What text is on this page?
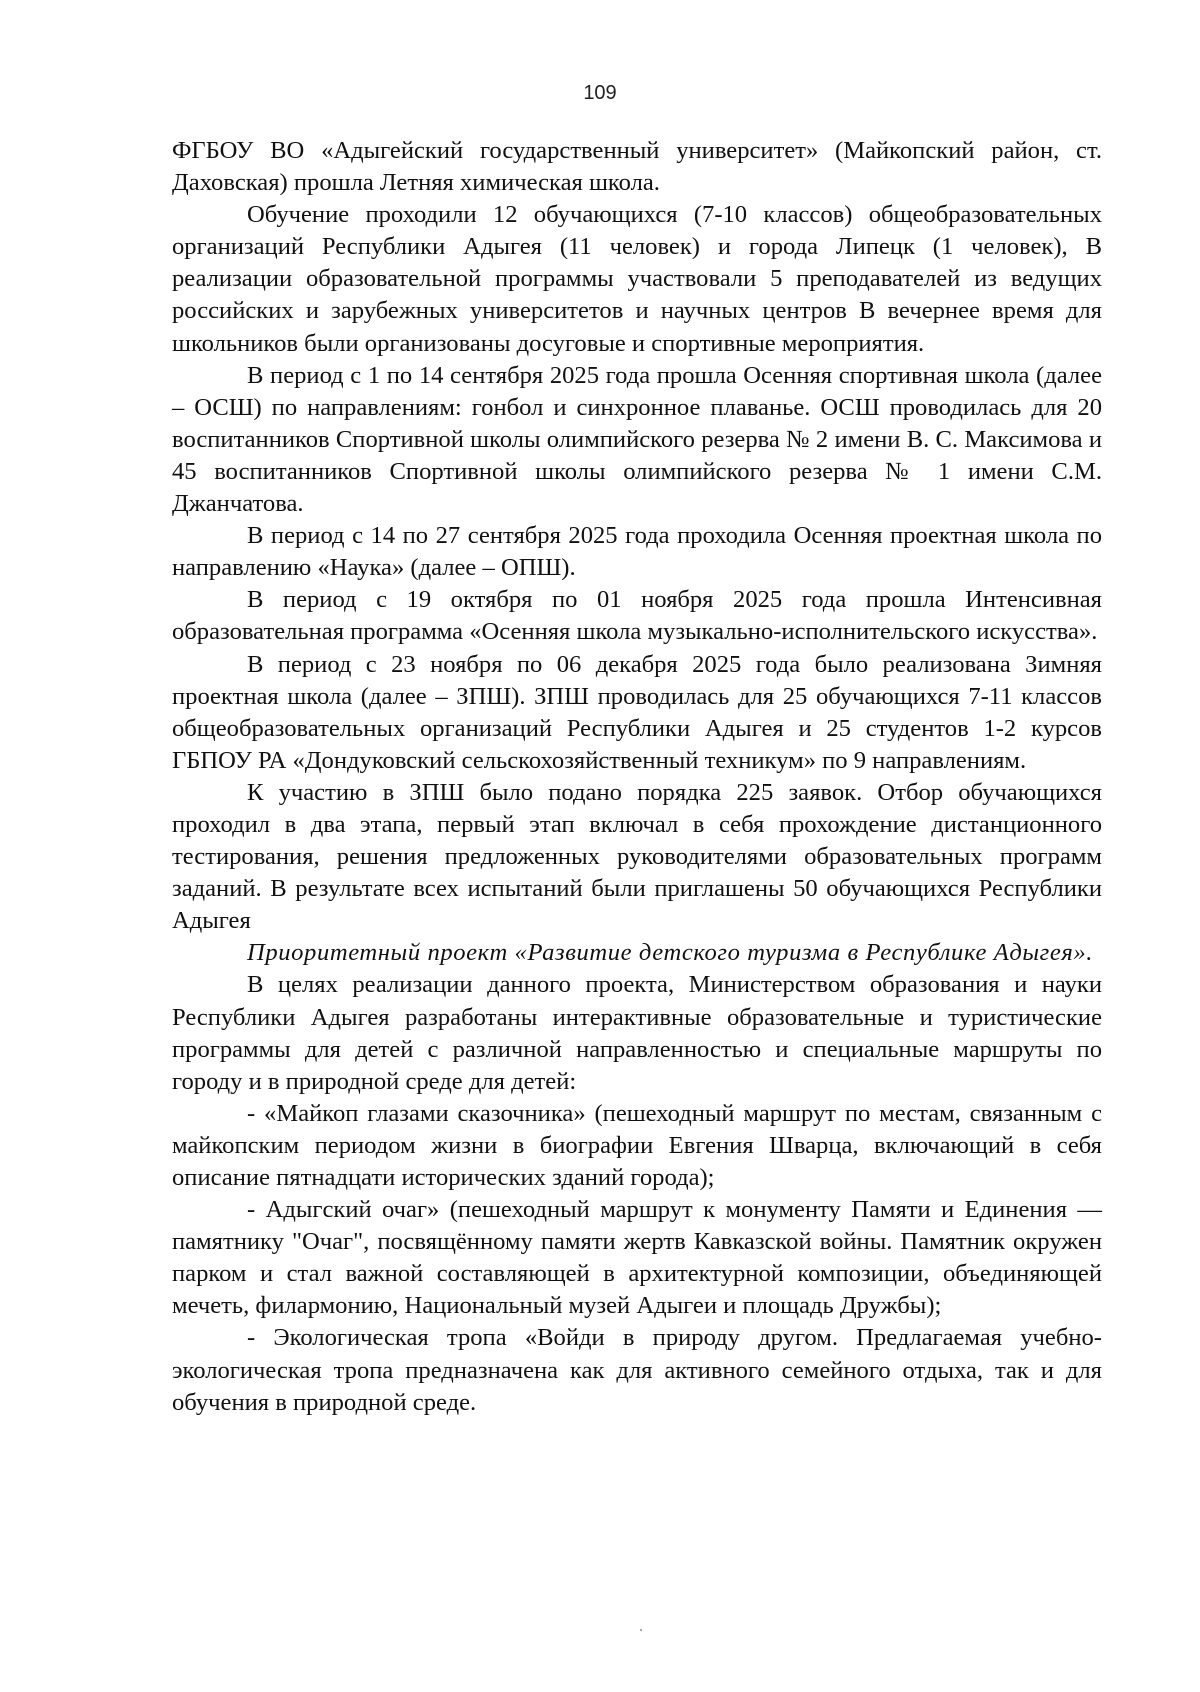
109

ФГБОУ ВО «Адыгейский государственный университет» (Майкопский район, ст. Даховская) прошла Летняя химическая школа.

Обучение проходили 12 обучающихся (7-10 классов) общеобразовательных организаций Республики Адыгея (11 человек) и города Липецк (1 человек), В реализации образовательной программы участвовали 5 преподавателей из ведущих российских и зарубежных университетов и научных центров В вечернее время для школьников были организованы досуговые и спортивные мероприятия.

В период с 1 по 14 сентября 2025 года прошла Осенняя спортивная школа (далее – ОСШ) по направлениям: гонбол и синхронное плаванье. ОСШ проводилась для 20 воспитанников Спортивной школы олимпийского резерва № 2 имени В. С. Максимова и 45 воспитанников Спортивной школы олимпийского резерва № 1 имени С.М. Джанчатова.

В период с 14 по 27 сентября 2025 года проходила Осенняя проектная школа по направлению «Наука» (далее – ОПШ).

В период с 19 октября по 01 ноября 2025 года прошла Интенсивная образовательная программа «Осенняя школа музыкально-исполнительского искусства».

В период с 23 ноября по 06 декабря 2025 года было реализована Зимняя проектная школа (далее – ЗПШ). ЗПШ проводилась для 25 обучающихся 7-11 классов общеобразовательных организаций Республики Адыгея и 25 студентов 1-2 курсов ГБПОУ РА «Дондуковский сельскохозяйственный техникум» по 9 направлениям.

К участию в ЗПШ было подано порядка 225 заявок. Отбор обучающихся проходил в два этапа, первый этап включал в себя прохождение дистанционного тестирования, решения предложенных руководителями образовательных программ заданий. В результате всех испытаний были приглашены 50 обучающихся Республики Адыгея

Приоритетный проект «Развитие детского туризма в Республике Адыгея».

В целях реализации данного проекта, Министерством образования и науки Республики Адыгея разработаны интерактивные образовательные и туристические программы для детей с различной направленностью и специальные маршруты по городу и в природной среде для детей:

- «Майкоп глазами сказочника» (пешеходный маршрут по местам, связанным с майкопским периодом жизни в биографии Евгения Шварца, включающий в себя описание пятнадцати исторических зданий города);

- Адыгский очаг» (пешеходный маршрут к монументу Памяти и Единения — памятнику "Очаг", посвящённому памяти жертв Кавказской войны. Памятник окружен парком и стал важной составляющей в архитектурной композиции, объединяющей мечеть, филармонию, Национальный музей Адыгеи и площадь Дружбы);

- Экологическая тропа «Войди в природу другом. Предлагаемая учебно-экологическая тропа предназначена как для активного семейного отдыха, так и для обучения в природной среде.
